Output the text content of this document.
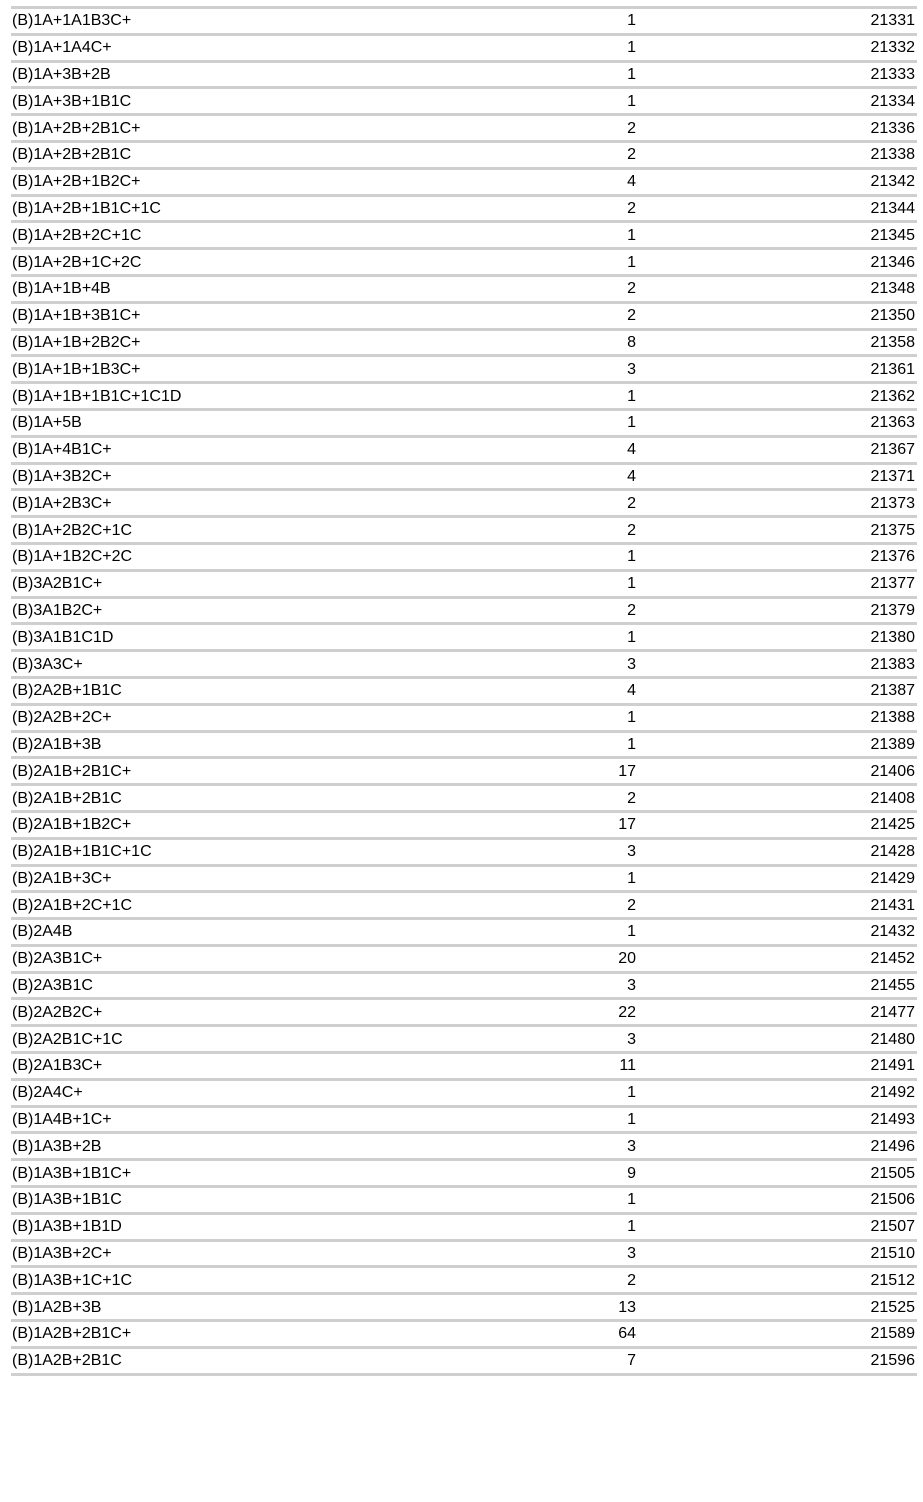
(B)1A+1A1B3C+	1	21331
(B)1A+1A4C+	1	21332
(B)1A+3B+2B	1	21333
(B)1A+3B+1B1C	1	21334
(B)1A+2B+2B1C+	2	21336
(B)1A+2B+2B1C	2	21338
(B)1A+2B+1B2C+	4	21342
(B)1A+2B+1B1C+1C	2	21344
(B)1A+2B+2C+1C	1	21345
(B)1A+2B+1C+2C	1	21346
(B)1A+1B+4B	2	21348
(B)1A+1B+3B1C+	2	21350
(B)1A+1B+2B2C+	8	21358
(B)1A+1B+1B3C+	3	21361
(B)1A+1B+1B1C+1C1D	1	21362
(B)1A+5B	1	21363
(B)1A+4B1C+	4	21367
(B)1A+3B2C+	4	21371
(B)1A+2B3C+	2	21373
(B)1A+2B2C+1C	2	21375
(B)1A+1B2C+2C	1	21376
(B)3A2B1C+	1	21377
(B)3A1B2C+	2	21379
(B)3A1B1C1D	1	21380
(B)3A3C+	3	21383
(B)2A2B+1B1C	4	21387
(B)2A2B+2C+	1	21388
(B)2A1B+3B	1	21389
(B)2A1B+2B1C+	17	21406
(B)2A1B+2B1C	2	21408
(B)2A1B+1B2C+	17	21425
(B)2A1B+1B1C+1C	3	21428
(B)2A1B+3C+	1	21429
(B)2A1B+2C+1C	2	21431
(B)2A4B	1	21432
(B)2A3B1C+	20	21452
(B)2A3B1C	3	21455
(B)2A2B2C+	22	21477
(B)2A2B1C+1C	3	21480
(B)2A1B3C+	11	21491
(B)2A4C+	1	21492
(B)1A4B+1C+	1	21493
(B)1A3B+2B	3	21496
(B)1A3B+1B1C+	9	21505
(B)1A3B+1B1C	1	21506
(B)1A3B+1B1D	1	21507
(B)1A3B+2C+	3	21510
(B)1A3B+1C+1C	2	21512
(B)1A2B+3B	13	21525
(B)1A2B+2B1C+	64	21589
(B)1A2B+2B1C	7	21596
